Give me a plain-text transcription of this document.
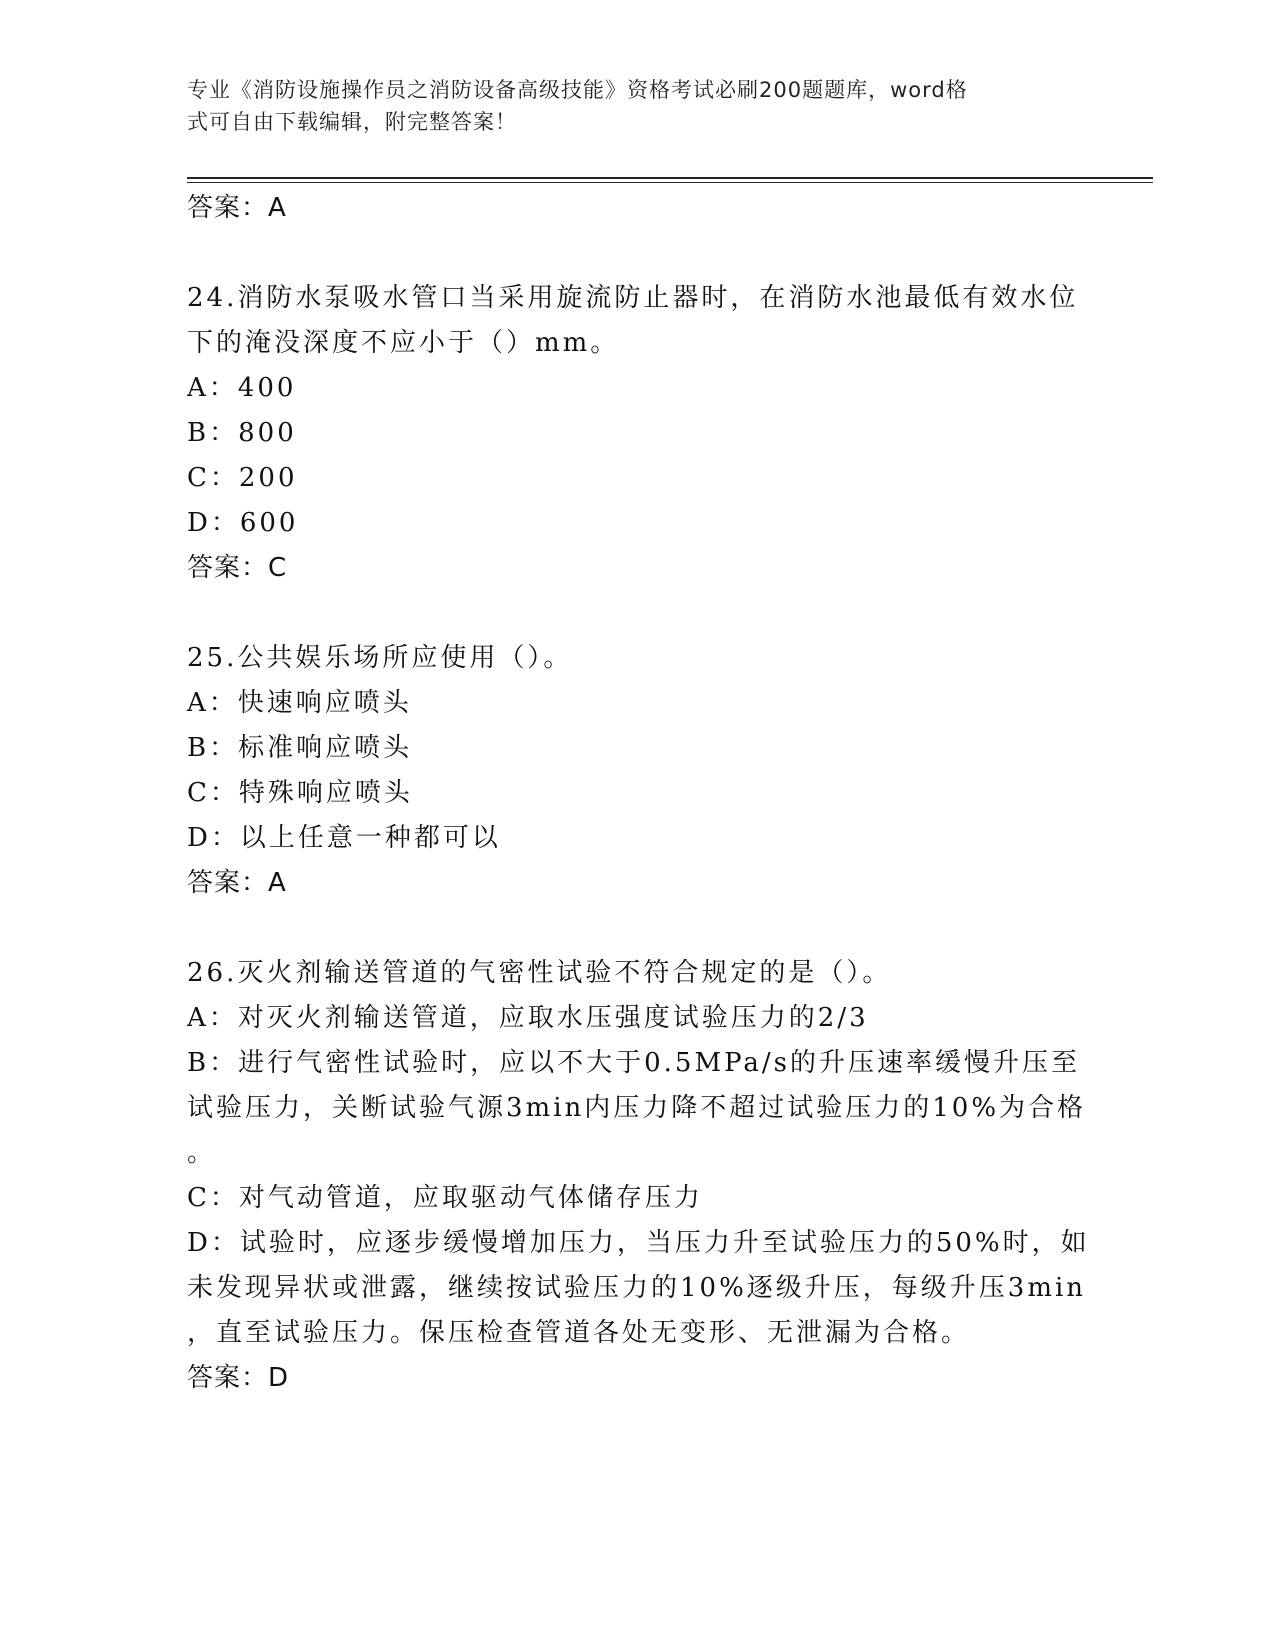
专业《消防设施操作员之消防设备高级技能》资格考试必刷200题题库，word格
式可自由下载编辑，附完整答案！
答案：A
24.消防水泵吸水管口当采用旋流防止器时，在消防水池最低有效水位
下的淹没深度不应小于（）mm。
A：400
B：800
C：200
D：600
答案：C
25.公共娱乐场所应使用（）。
A：快速响应喷头
B：标准响应喷头
C：特殊响应喷头
D：以上任意一种都可以
答案：A
26.灭火剂输送管道的气密性试验不符合规定的是（）。
A：对灭火剂输送管道，应取水压强度试验压力的2/3
B：进行气密性试验时，应以不大于0.5MPa/s的升压速率缓慢升压至
试验压力，关断试验气源3min内压力降不超过试验压力的10%为合格
。
C：对气动管道，应取驱动气体储存压力
D：试验时，应逐步缓慢增加压力，当压力升至试验压力的50%时，如
未发现异状或泄露，继续按试验压力的10%逐级升压，每级升压3min
，直至试验压力。保压检查管道各处无变形、无泄漏为合格。
答案：D
